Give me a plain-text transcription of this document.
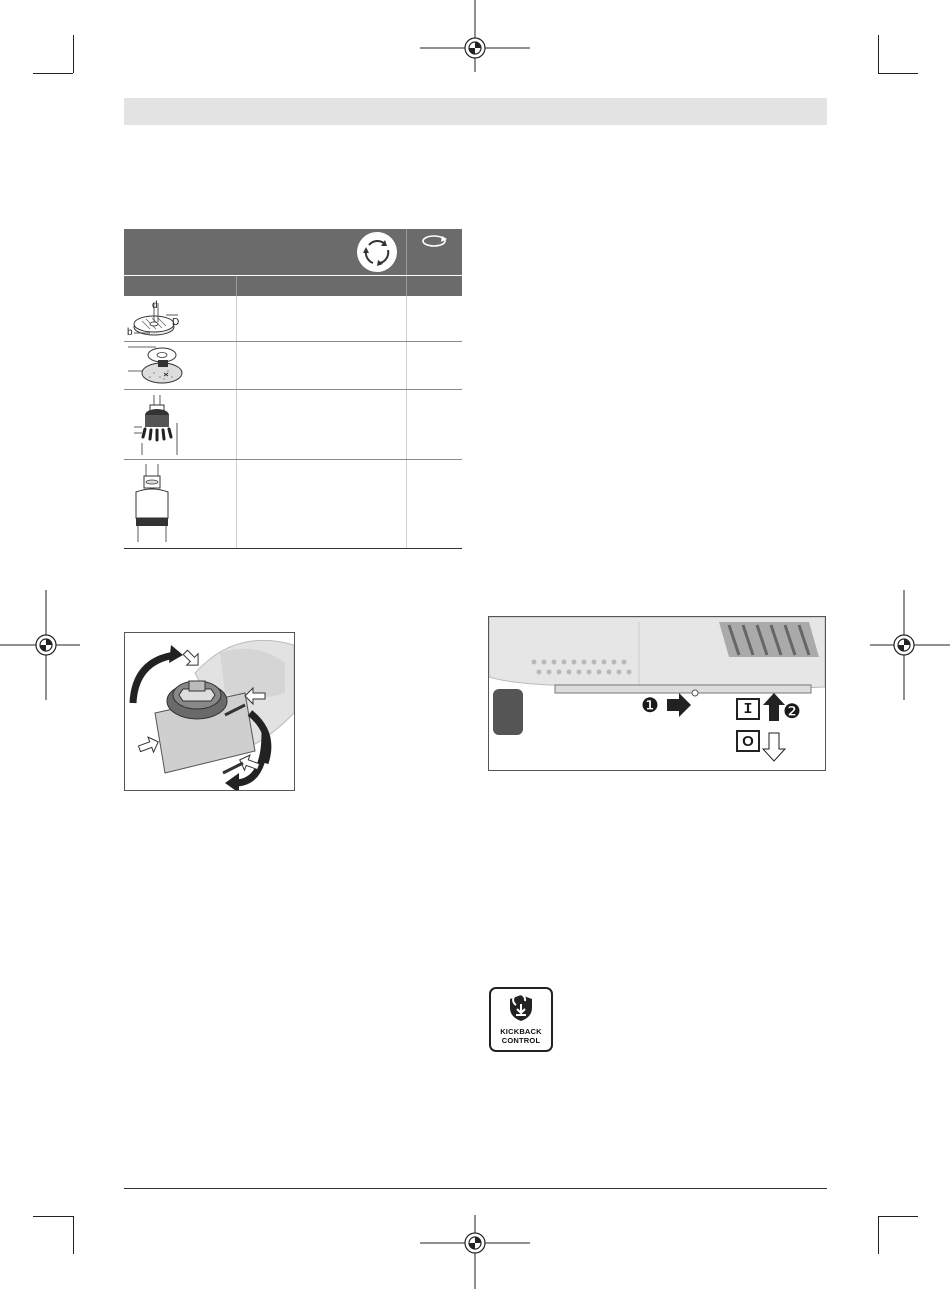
d
D
b
❶	❷
I
O
KICKBACK
CONTROL
